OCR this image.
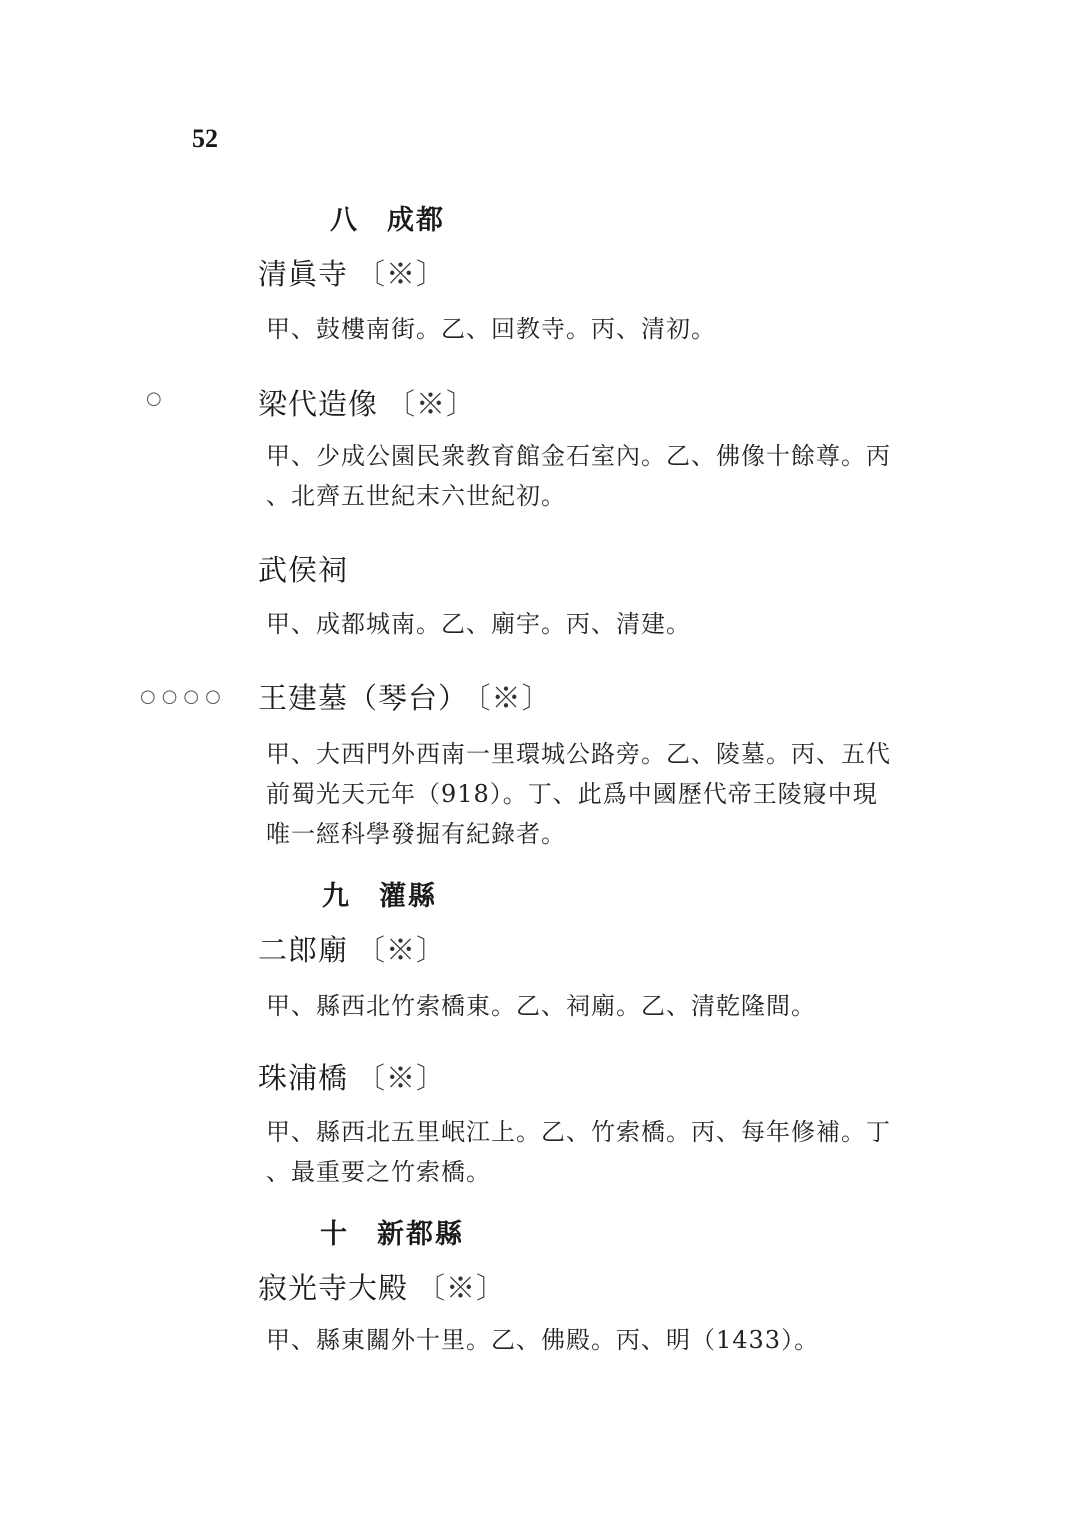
52
八 成都
清眞寺 〔※〕
甲、鼓樓南街。乙、回教寺。丙、清初。
○	梁代造像 〔※〕
甲、少成公園民衆教育館金石室內。乙、佛像十餘尊。丙
、北齊五世紀末六世紀初。
武侯祠
甲、成都城南。乙、廟宇。丙、清建。
○○○○ 王建墓（琴台） 〔※〕
甲、大西門外西南一里環城公路旁。乙、陵墓。丙、五代
前蜀光天元年（918）。丁、此爲中國歷代帝王陵寢中現
唯一經科學發掘有紀錄者。
九 灌縣
二郎廟 〔※〕
甲、縣西北竹索橋東。乙、祠廟。乙、清乾隆間。
珠浦橋 〔※〕
甲、縣西北五里岷江上。乙、竹索橋。丙、每年修補。丁
、最重要之竹索橋。
十 新都縣
寂光寺大殿 〔※〕
甲、縣東關外十里。乙、佛殿。丙、明（1433）。
